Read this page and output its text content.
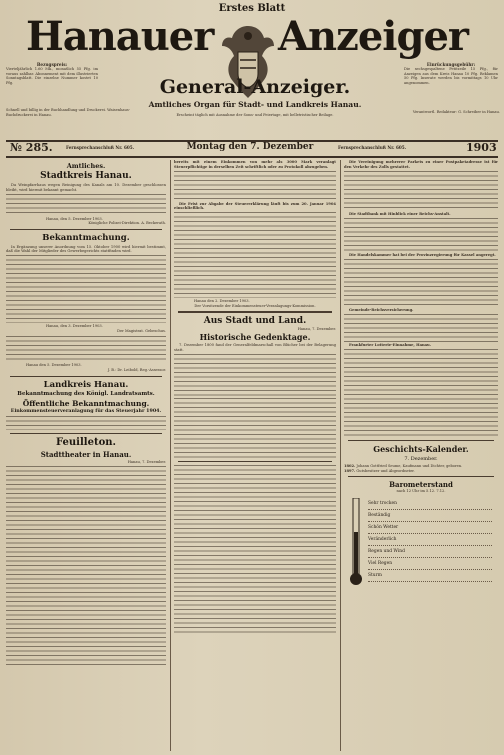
Erstes Blatt
Hanauer Anzeiger
Bezugspreis:
Vierteljährlich 1.60 Mk., monatlich 55 Pfg. im voraus zahlbar. Abonnement mit dem illustrierten Sonntagsblatt. Die einzelne Nummer kostet 10 Pfg.
Schnell und billig in der Buchhandlung und Druckerei. Waisenhaus-Buchdruckerei in Hanau.
Einrückungsgebühr:
Die sechsgespaltene Petitzeile 15 Pfg., für Anzeigen aus dem Kreis Hanau 10 Pfg. Reklamen 50 Pfg. Inserate werden bis vormittags 10 Uhr angenommen.
Verantwortl. Redakteur: G. Schreiber in Hanau.
General-Anzeiger.
Amtliches Organ für Stadt- und Landkreis Hanau.
Erscheint täglich mit Ausnahme der Sonn- und Feiertage, mit belletristischer Beilage.
№ 285.	Fernsprechanschluß Nr. 605.	Montag den 7. Dezember	Fernsprechanschluß Nr. 605.	1903
Amtliches.
Stadtkreis Hanau.

Da Weinpfarrhaus wegen Reinigung des Kanals am 10. Dezember geschlossen bleibt, wird hiermit bekannt gemacht.

Hanau, den 5. Dezember 1903.
Königliche Polizei-Direktion. A. Beckerath.
Bekanntmachung.

In Ergänzung unserer Anordnung vom 15. Oktober 1900 wird hiermit bestimmt, daß die Wahl der Mitglieder des Gewerbegerichts stattfinden wird.

Hanau, den 3. Dezember 1903.
Der Magistrat. Gebeschus.
Hanau den 5. Dezember 1903.
J. B.: Dr. Leibold, Reg.-Assessor.
Landkreis Hanau.
Bekanntmachung des Königl. Landratsamts.
Öffentliche Bekanntmachung.
Einkommensteuerveranlagung für das Steuerjahr 1904.
Feuilleton.
Stadttheater in Hanau.
Hanau, 7. Dezember.

bereits mit einem Einkommen von mehr als 3000 Mark veranlagt Steuerpflichtige in derselben Zeit schriftlich oder zu Protokoll abzugeben.

Die Frist zur Abgabe der Steuererklärung läuft bis zum 20. Januar 1904 einschließlich.

Hanau den 2. Dezember 1903.
Der Vorsitzende der Einkommensteuer-Veranlagungs-Kommission.
Aus Stadt und Land.
Hanau, 7. Dezember.
Historische Gedenktage.

7. Dezember 1800 fand der Generalfeldmarschall von Blücher bei der Belagerung statt.

Die Vereinigung mehrerer Parkets zu einer Postpaketadresse ist für den Verkehr des Zolls gestattet.

Die Stadtbank mit Hinblick einer Reichs-Anstalt.

Die Handelskammer hat bei der Provinzregierung für Kassel angeregt.

Gemeinde-Reichsversicherung.

Frankfurter Lotterie-Einnahme, Hanau.

Geschichts-Kalender.
7. Dezember.
1802. Johann Gottfried Seume, Kaufmann und Dichter, geboren.
1897. Gutsbesitzer und Abgeordneter.
Barometerstand
nach 12 Uhr im 5.12. 7.12.
Sehr trocken
Beständig
Schön Wetter
Veränderlich
Regen und Wind
Viel Regen
Sturm
